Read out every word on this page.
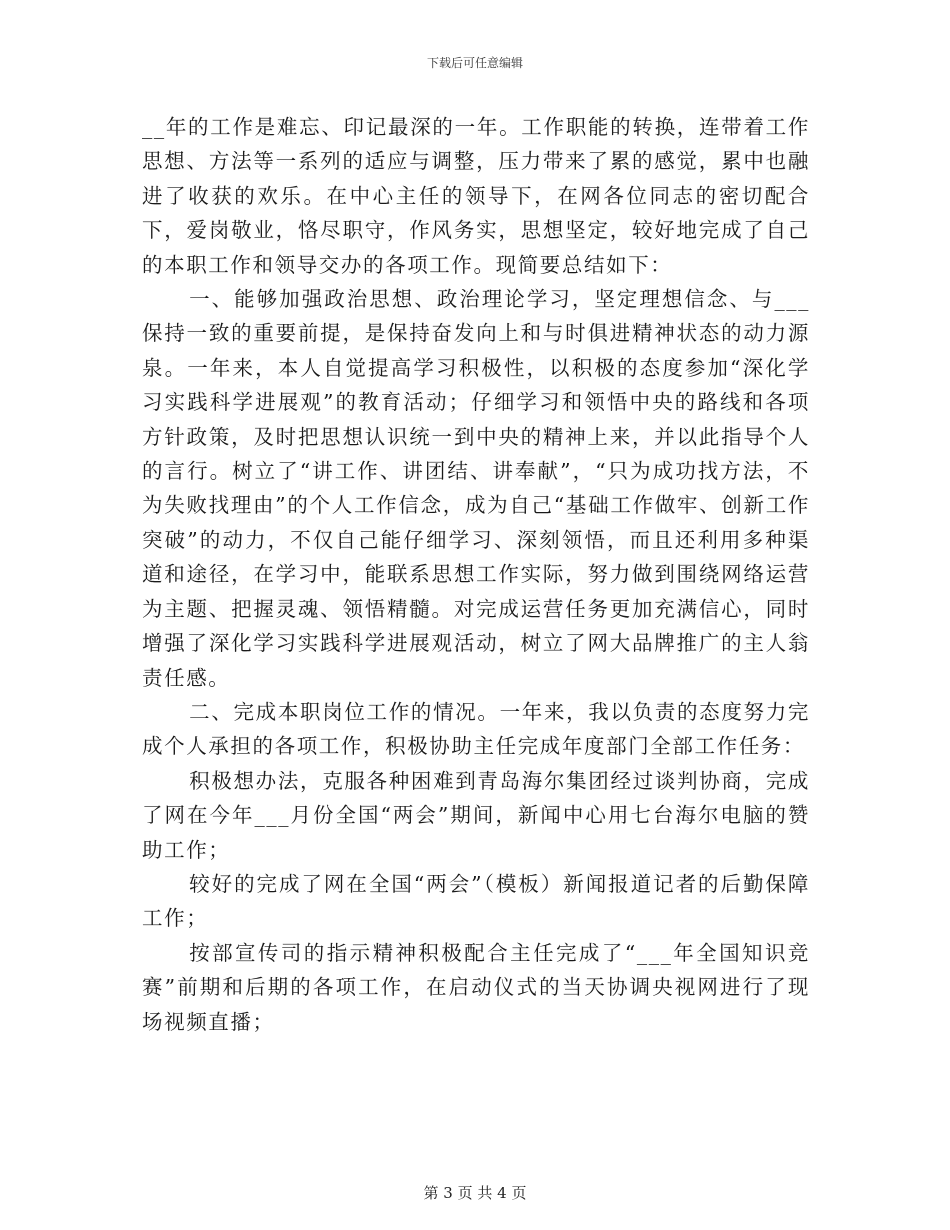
下载后可任意编辑

__年的工作是难忘、印记最深的一年。工作职能的转换，连带着工作思想、方法等一系列的适应与调整，压力带来了累的感觉，累中也融进了收获的欢乐。在中心主任的领导下，在网各位同志的密切配合下，爱岗敬业，恪尽职守，作风务实，思想坚定，较好地完成了自己的本职工作和领导交办的各项工作。现简要总结如下：

一、能够加强政治思想、政治理论学习，坚定理想信念、与___保持一致的重要前提，是保持奋发向上和与时俱进精神状态的动力源泉。一年来，本人自觉提高学习积极性，以积极的态度参加“深化学习实践科学进展观”的教育活动；仔细学习和领悟中央的路线和各项方针政策，及时把思想认识统一到中央的精神上来，并以此指导个人的言行。树立了“讲工作、讲团结、讲奉献”，“只为成功找方法，不为失败找理由”的个人工作信念，成为自己“基础工作做牢、创新工作突破”的动力，不仅自己能仔细学习、深刻领悟，而且还利用多种渠道和途径，在学习中，能联系思想工作实际，努力做到围绕网络运营为主题、把握灵魂、领悟精髓。对完成运营任务更加充满信心，同时增强了深化学习实践科学进展观活动，树立了网大品牌推广的主人翁责任感。

二、完成本职岗位工作的情况。一年来，我以负责的态度努力完成个人承担的各项工作，积极协助主任完成年度部门全部工作任务：

积极想办法，克服各种困难到青岛海尔集团经过谈判协商，完成了网在今年___月份全国“两会”期间，新闻中心用七台海尔电脑的赞助工作；

较好的完成了网在全国“两会”（模板）新闻报道记者的后勤保障工作；

按部宣传司的指示精神积极配合主任完成了“___年全国知识竞赛”前期和后期的各项工作，在启动仪式的当天协调央视网进行了现场视频直播；

第 3 页 共 4 页
